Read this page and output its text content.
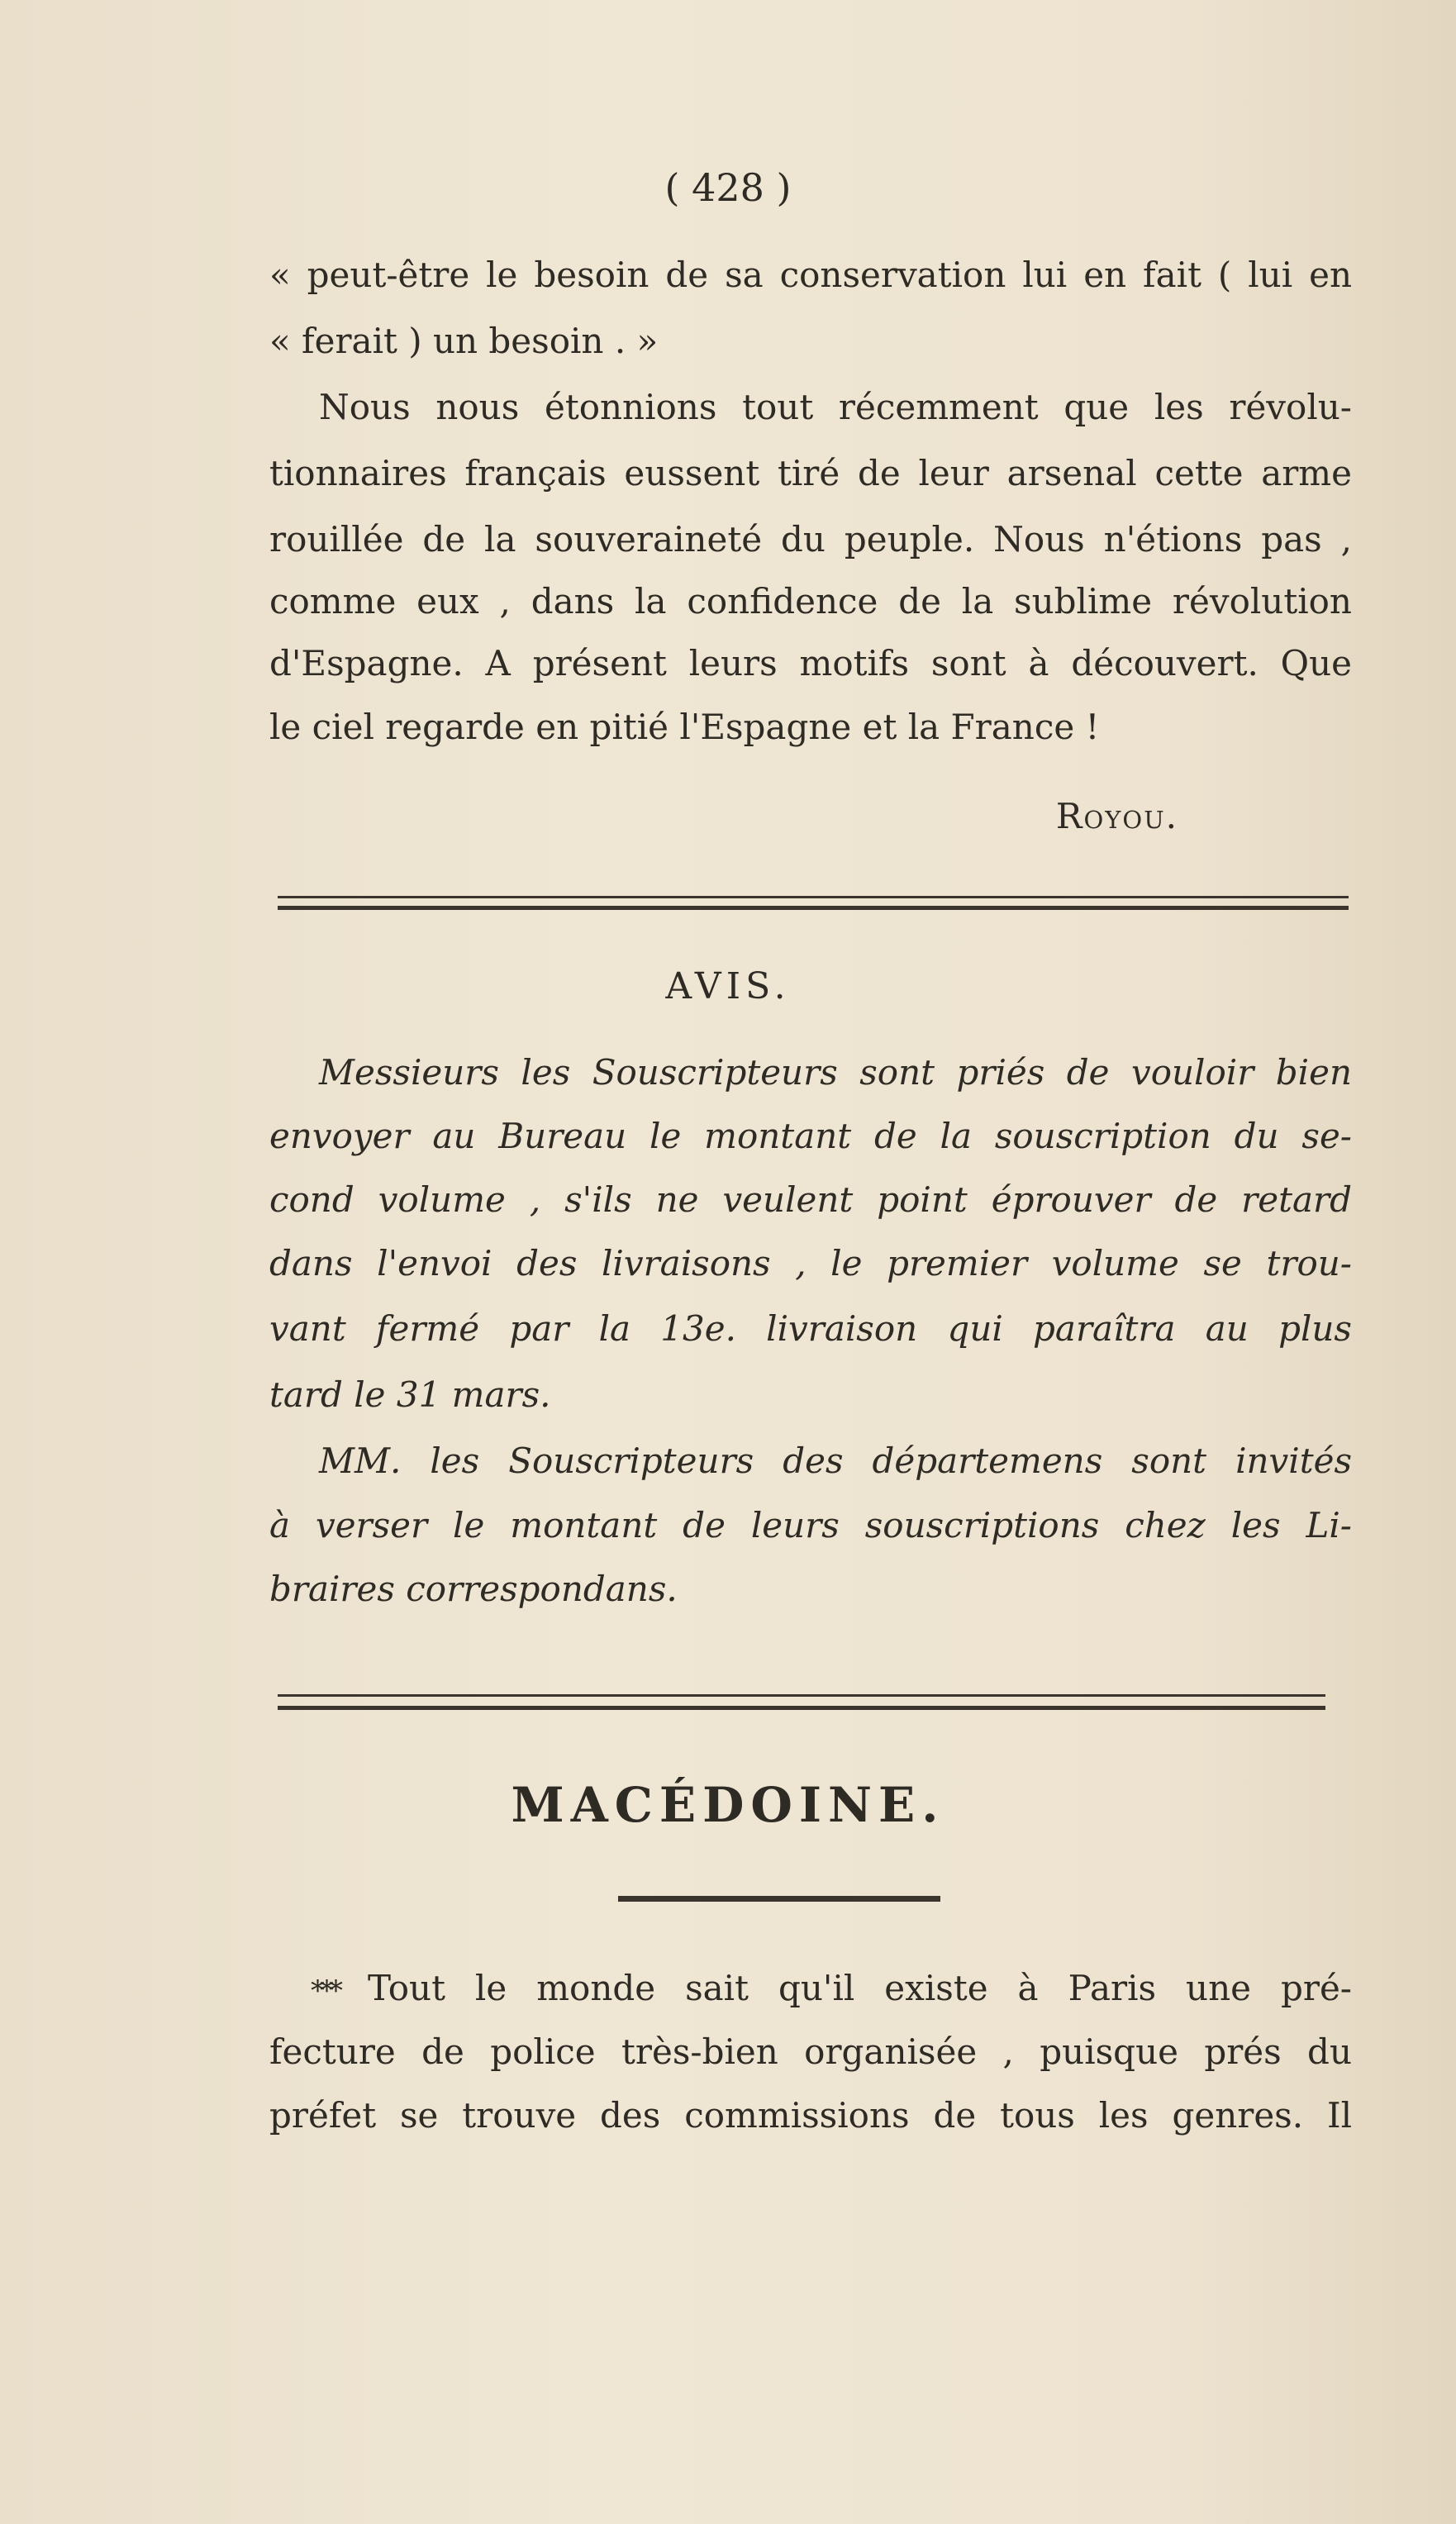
( 428 )
« peut-être le besoin de sa conservation lui en fait ( lui en
« ferait ) un besoin . »
Nous nous étonnions tout récemment que les révolu-
tionnaires français eussent tiré de leur arsenal cette arme
rouillée de la souveraineté du peuple. Nous n'étions pas ,
comme eux , dans la confidence de la sublime révolution
d'Espagne. A présent leurs motifs sont à découvert. Que
le ciel regarde en pitié l'Espagne et la France !
Royou.
AVIS.
Messieurs les Souscripteurs sont priés de vouloir bien
envoyer au Bureau le montant de la souscription du se-
cond volume , s'ils ne veulent point éprouver de retard
dans l'envoi des livraisons , le premier volume se trou-
vant fermé par la 13e. livraison qui paraîtra au plus
tard le 31 mars.
MM. les Souscripteurs des départemens sont invités
à verser le montant de leurs souscriptions chez les Li-
braires correspondans.
MACÉDOINE.
*** Tout le monde sait qu'il existe à Paris une pré-
fecture de police très-bien organisée , puisque prés du
préfet se trouve des commissions de tous les genres. Il
